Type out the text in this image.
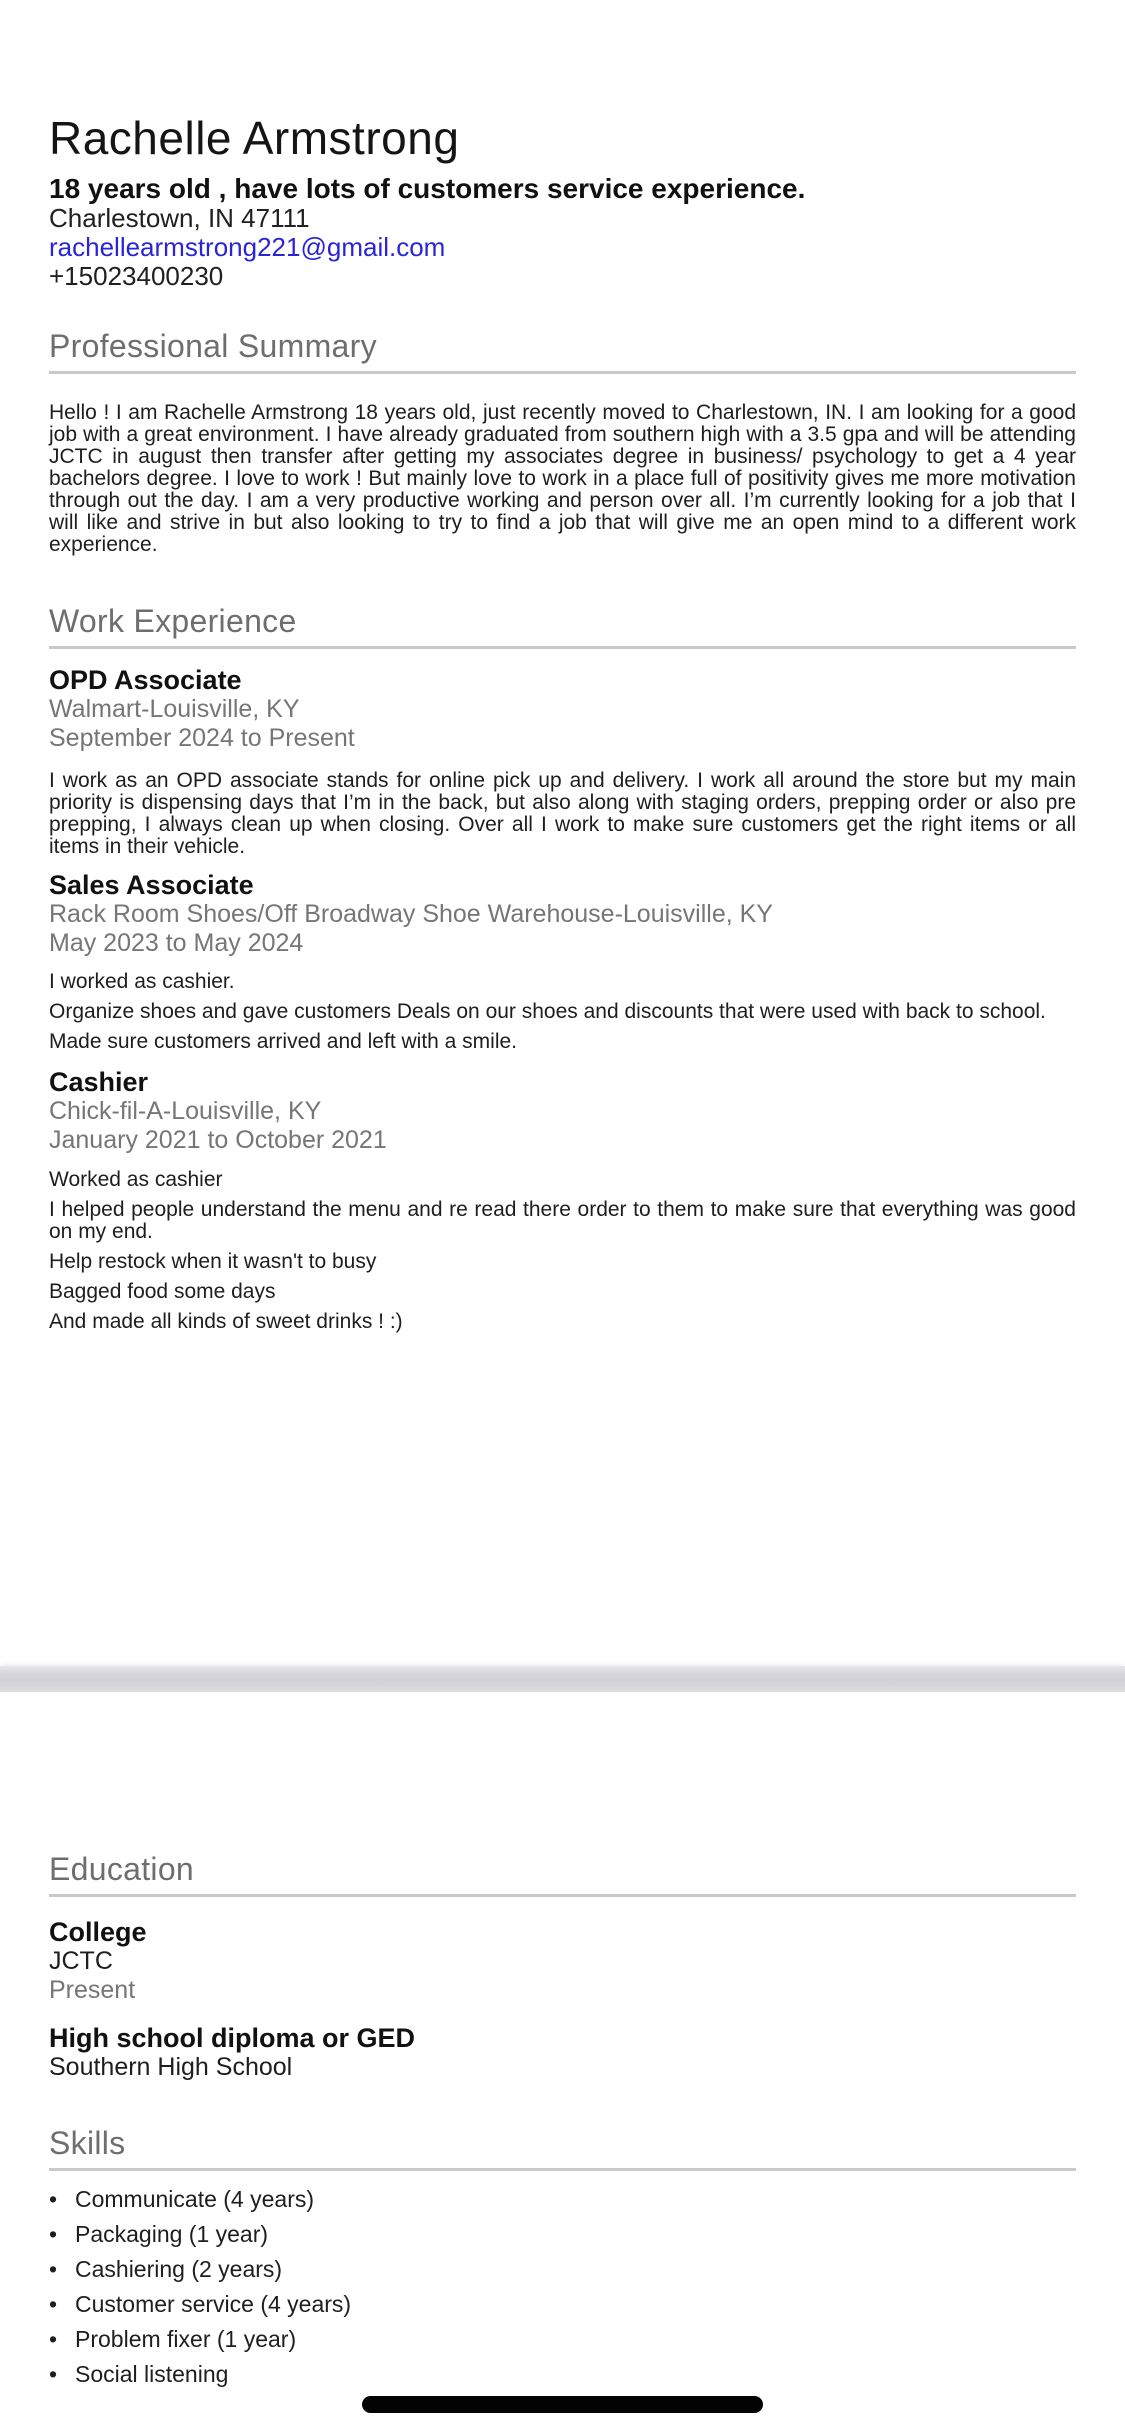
Rachelle Armstrong

18 years old , have lots of customers service experience.

Charlestown, IN 47111
rachellearmstrong221@gmail.com
+15023400230
Professional Summary

Hello ! I am Rachelle Armstrong 18 years old, just recently moved to Charlestown, IN. I am looking for a good job with a great environment. I have already graduated from southern high with a 3.5 gpa and will be attending JCTC in august then transfer after getting my associates degree in business/ psychology to get a 4 year bachelors degree. I love to work ! But mainly love to work in a place full of positivity gives me more motivation through out the day. I am a very productive working and person over all. I’m currently looking for a job that I will like and strive in but also looking to try to find a job that will give me an open mind to a different work experience.

Work Experience
OPD Associate
Walmart-Louisville, KY
September 2024 to Present

I work as an OPD associate stands for online pick up and delivery. I work all around the store but my main priority is dispensing days that I’m in the back, but also along with staging orders, prepping order or also pre prepping, I always clean up when closing. Over all I work to make sure customers get the right items or all items in their vehicle.

Sales Associate
Rack Room Shoes/Off Broadway Shoe Warehouse-Louisville, KY
May 2023 to May 2024

I worked as cashier.

Organize shoes and gave customers Deals on our shoes and discounts that were used with back to school.

Made sure customers arrived and left with a smile.

Cashier
Chick-fil-A-Louisville, KY
January 2021 to October 2021

Worked as cashier

I helped people understand the menu and re read there order to them to make sure that everything was good on my end.

Help restock when it wasn't to busy

Bagged food some days

And made all kinds of sweet drinks ! :)

Education
College
JCTC
Present
High school diploma or GED
Southern High School
Skills
• Communicate (4 years)
• Packaging (1 year)
• Cashiering (2 years)
• Customer service (4 years)
• Problem fixer (1 year)
• Social listening
